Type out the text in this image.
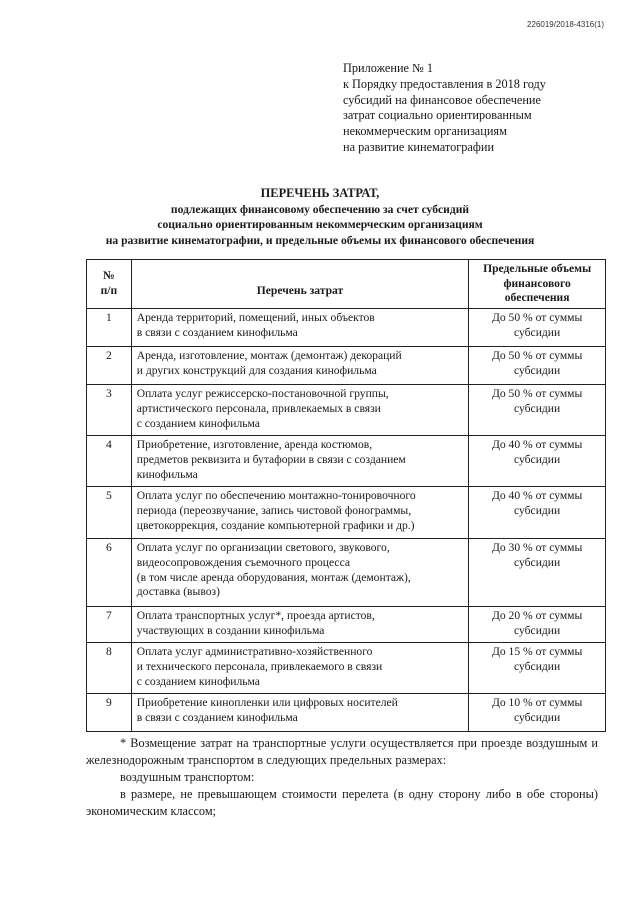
226019/2018-4316(1)
Приложение № 1
к Порядку предоставления в 2018 году
субсидий на финансовое обеспечение
затрат социально ориентированным
некоммерческим организациям
на развитие кинематографии
ПЕРЕЧЕНЬ ЗАТРАТ,
подлежащих финансовому обеспечению за счет субсидий
социально ориентированным некоммерческим организациям
на развитие кинематографии, и предельные объемы их финансового обеспечения
№
п/п	Перечень затрат	Предельные объемы
финансового
обеспечения

1	Аренда территорий, помещений, иных объектов
в связи с созданием кинофильма	До 50 % от суммы
субсидии

2	Аренда, изготовление, монтаж (демонтаж) декораций
и других конструкций для создания кинофильма	До 50 % от суммы
субсидии

3	Оплата услуг режиссерско-постановочной группы,
артистического персонала, привлекаемых в связи
с созданием кинофильма	До 50 % от суммы
субсидии

4	Приобретение, изготовление, аренда костюмов,
предметов реквизита и бутафории в связи с созданием
кинофильма	До 40 % от суммы
субсидии

5	Оплата услуг по обеспечению монтажно-тонировочного
периода (переозвучание, запись чистовой фонограммы,
цветокоррекция, создание компьютерной графики и др.)	До 40 % от суммы
субсидии

6	Оплата услуг по организации светового, звукового,
видеосопровождения съемочного процесса
(в том числе аренда оборудования, монтаж (демонтаж),
доставка (вывоз)	До 30 % от суммы
субсидии

7	Оплата транспортных услуг*, проезда артистов,
участвующих в создании кинофильма	До 20 % от суммы
субсидии

8	Оплата услуг административно-хозяйственного
и технического персонала, привлекаемого в связи
с созданием кинофильма	До 15 % от суммы
субсидии

9	Приобретение кинопленки или цифровых носителей
в связи с созданием кинофильма	До 10 % от суммы
субсидии

* Возмещение затрат на транспортные услуги осуществляется при проезде воздушным и железнодорожным транспортом в следующих предельных размерах:

воздушным транспортом:

в размере, не превышающем стоимости перелета (в одну сторону либо в обе стороны) экономическим классом;
